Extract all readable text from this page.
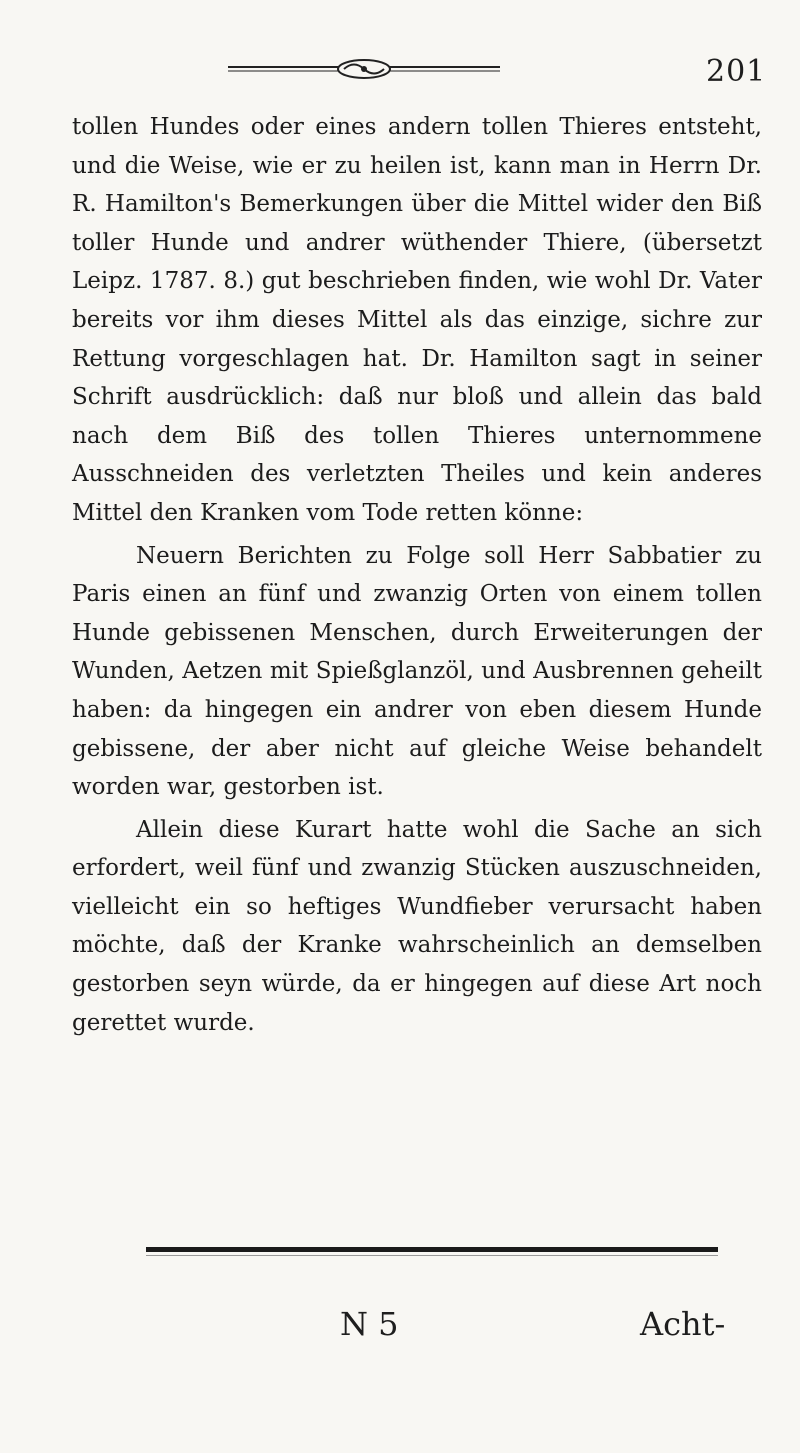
201

tollen Hundes oder eines andern tollen Thieres entsteht, und die Weise, wie er zu heilen ist, kann man in Herrn Dr. R. Hamilton's Bemerkungen über die Mittel wider den Biß toller Hunde und andrer wüthender Thiere, (übersetzt Leipz. 1787. 8.) gut beschrieben finden, wie wohl Dr. Vater bereits vor ihm dieses Mittel als das einzige, sichre zur Rettung vorgeschlagen hat. Dr. Hamilton sagt in seiner Schrift ausdrücklich: daß nur bloß und allein das bald nach dem Biß des tollen Thieres unternommene Ausschneiden des verletzten Theiles und kein anderes Mittel den Kranken vom Tode retten könne:

Neuern Berichten zu Folge soll Herr Sabbatier zu Paris einen an fünf und zwanzig Orten von einem tollen Hunde gebissenen Menschen, durch Erweiterungen der Wunden, Aetzen mit Spießglanzöl, und Ausbrennen geheilt haben: da hingegen ein andrer von eben diesem Hunde gebissene, der aber nicht auf gleiche Weise behandelt worden war, gestorben ist.

Allein diese Kurart hatte wohl die Sache an sich erfordert, weil fünf und zwanzig Stücken auszuschneiden, vielleicht ein so heftiges Wundfieber verursacht haben möchte, daß der Kranke wahrscheinlich an demselben gestorben seyn würde, da er hingegen auf diese Art noch gerettet wurde.

N 5	Acht-
